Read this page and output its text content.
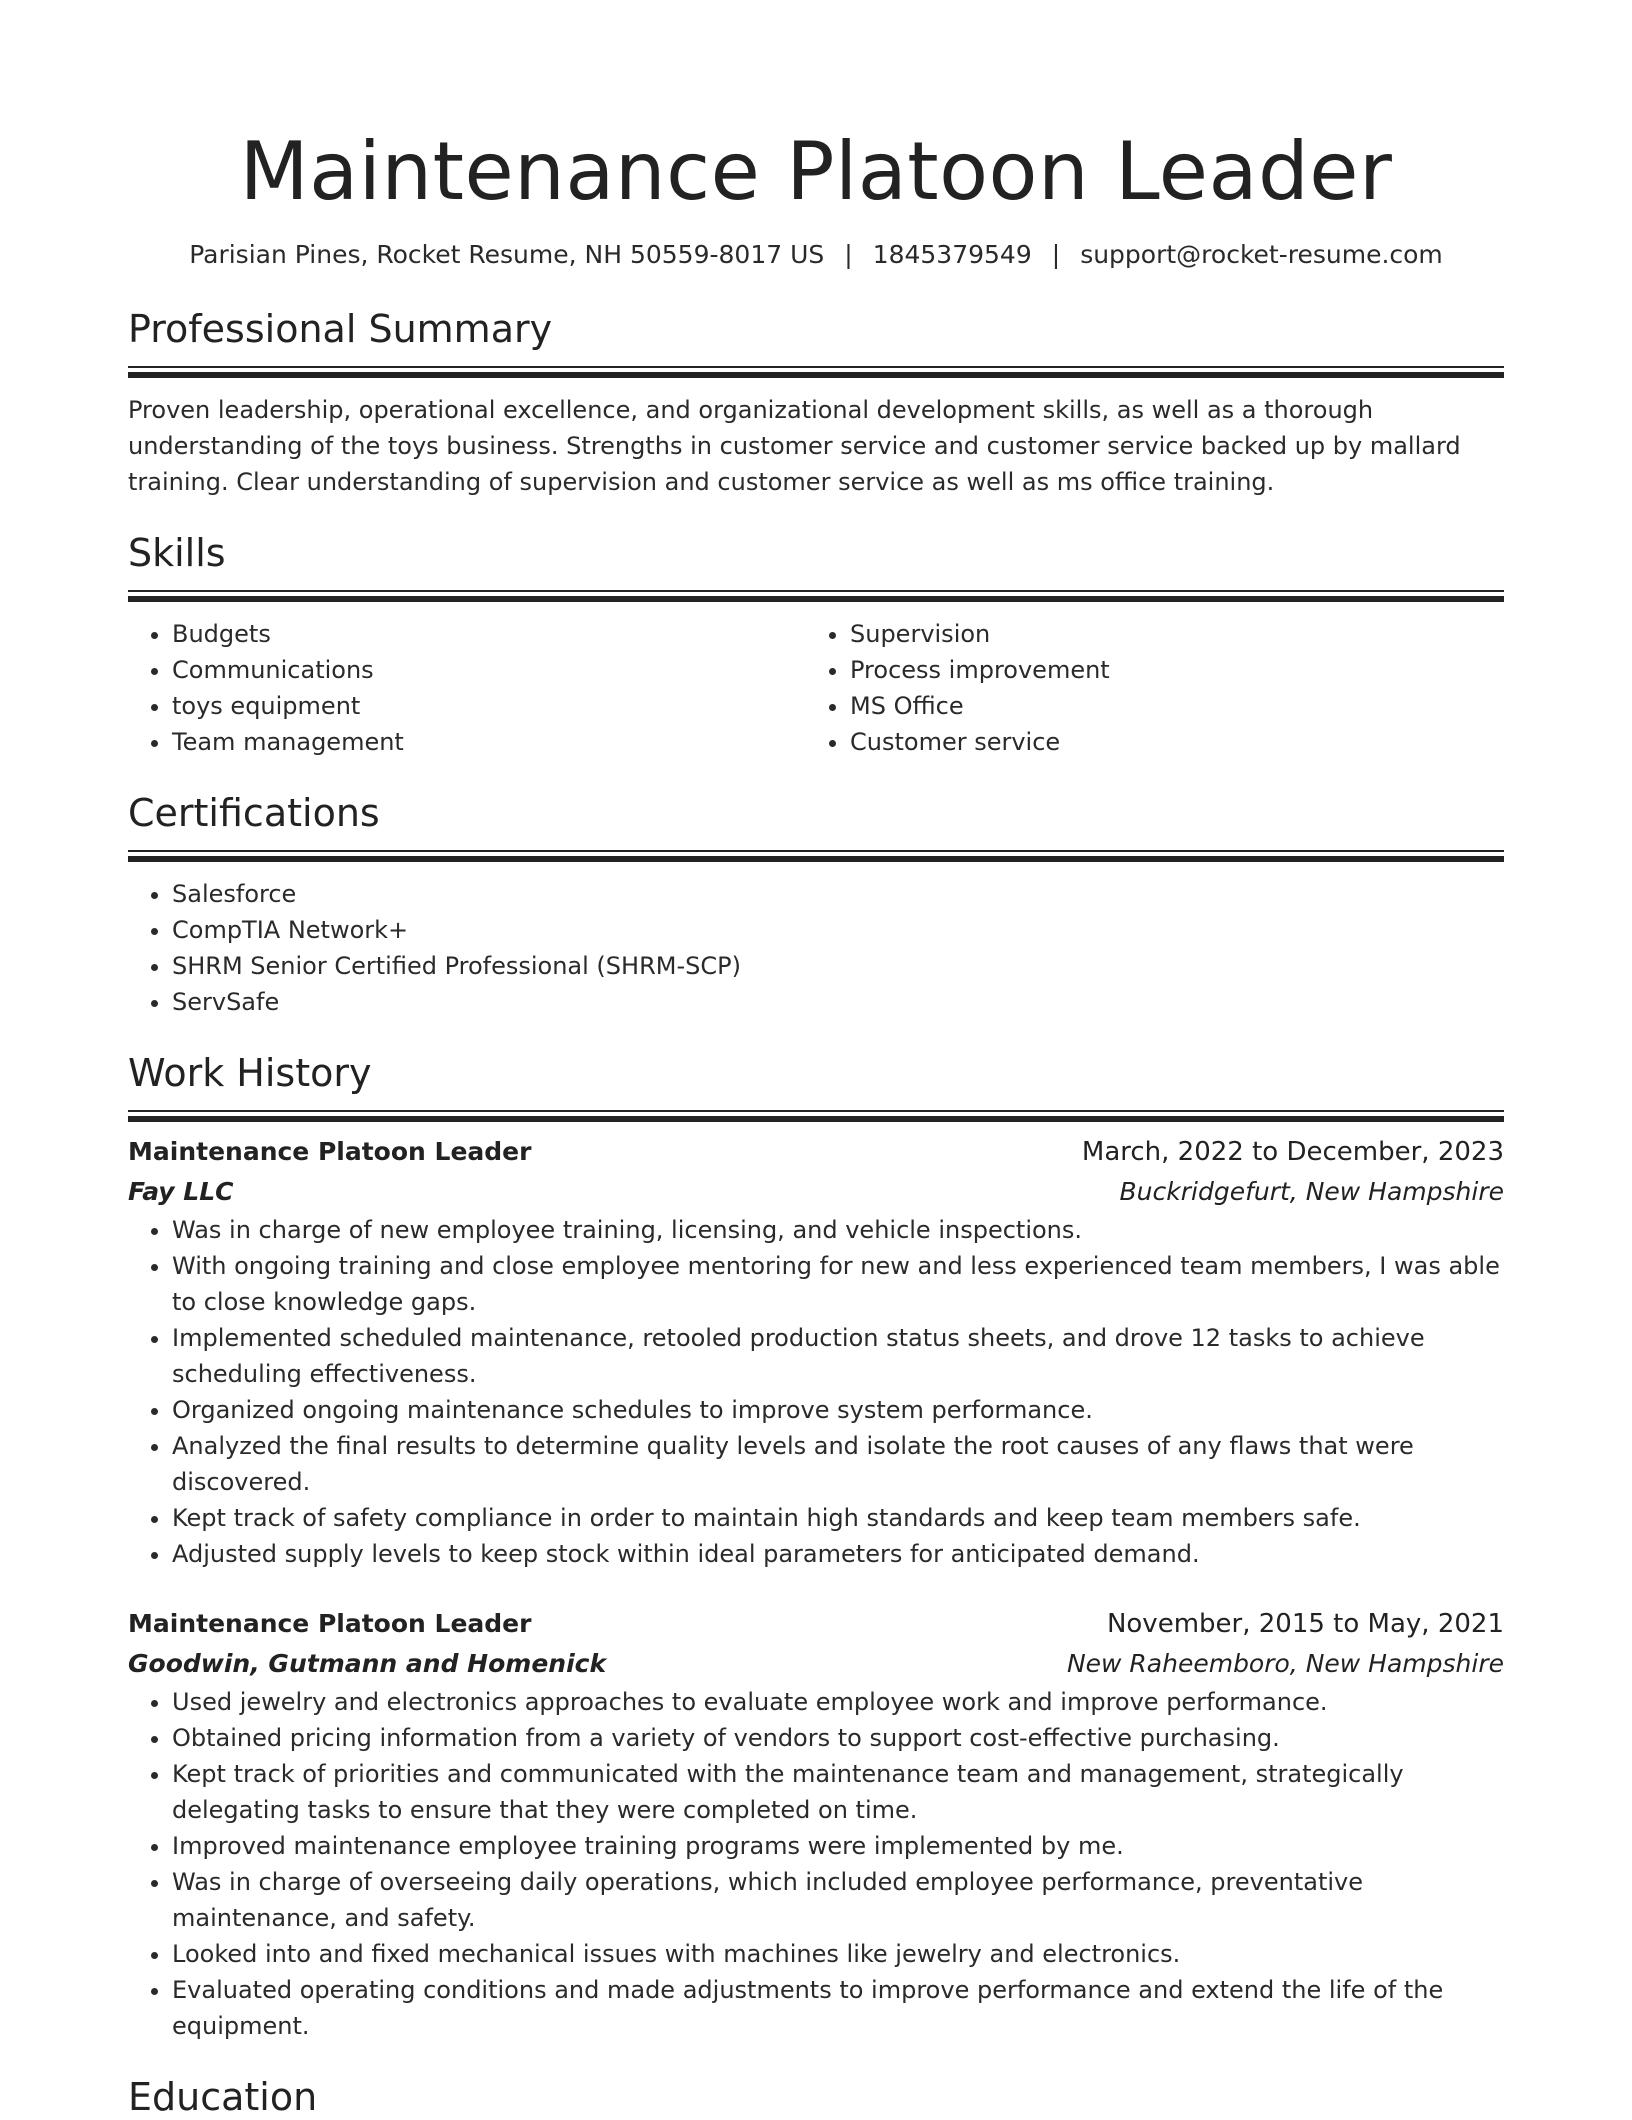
Maintenance Platoon Leader
Parisian Pines, Rocket Resume, NH 50559-8017 US | 1845379549 | support@rocket-resume.com
Professional Summary

Proven leadership, operational excellence, and organizational development skills, as well as a thorough understanding of the toys business. Strengths in customer service and customer service backed up by mallard training. Clear understanding of supervision and customer service as well as ms office training.

Skills
• Budgets
• Communications
• toys equipment
• Team management
• Supervision
• Process improvement
• MS Office
• Customer service
Certifications
• Salesforce
• CompTIA Network+
• SHRM Senior Certified Professional (SHRM-SCP)
• ServSafe
Work History
Maintenance Platoon Leader	March, 2022 to December, 2023
Fay LLC	Buckridgefurt, New Hampshire
• Was in charge of new employee training, licensing, and vehicle inspections.
• With ongoing training and close employee mentoring for new and less experienced team members, I was able to close knowledge gaps.
• Implemented scheduled maintenance, retooled production status sheets, and drove 12 tasks to achieve scheduling effectiveness.
• Organized ongoing maintenance schedules to improve system performance.
• Analyzed the final results to determine quality levels and isolate the root causes of any flaws that were discovered.
• Kept track of safety compliance in order to maintain high standards and keep team members safe.
• Adjusted supply levels to keep stock within ideal parameters for anticipated demand.
Maintenance Platoon Leader	November, 2015 to May, 2021
Goodwin, Gutmann and Homenick	New Raheemboro, New Hampshire
• Used jewelry and electronics approaches to evaluate employee work and improve performance.
• Obtained pricing information from a variety of vendors to support cost-effective purchasing.
• Kept track of priorities and communicated with the maintenance team and management, strategically delegating tasks to ensure that they were completed on time.
• Improved maintenance employee training programs were implemented by me.
• Was in charge of overseeing daily operations, which included employee performance, preventative maintenance, and safety.
• Looked into and fixed mechanical issues with machines like jewelry and electronics.
• Evaluated operating conditions and made adjustments to improve performance and extend the life of the equipment.
Education
